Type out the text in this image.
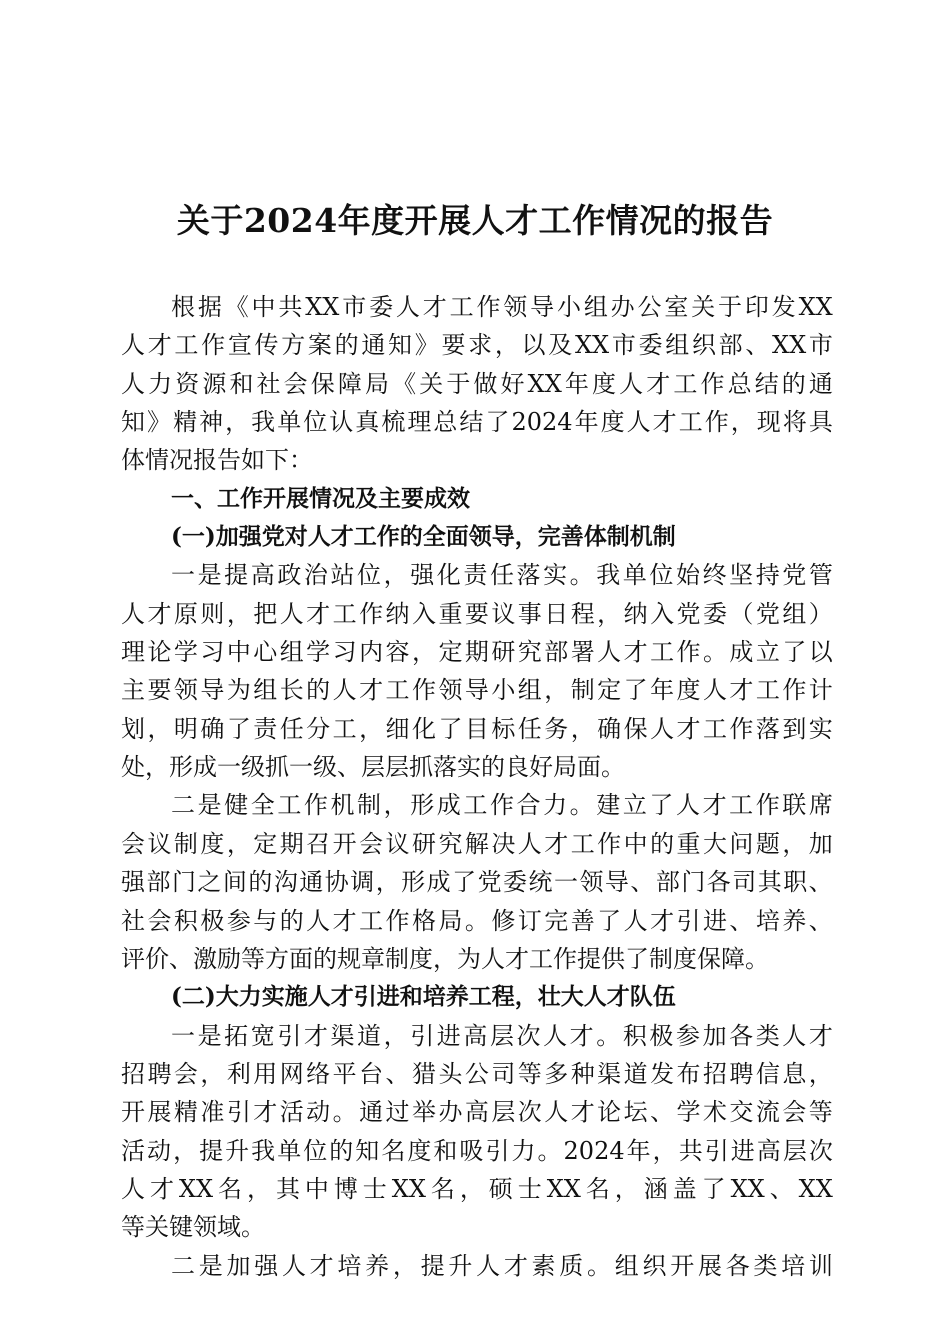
关于2024年度开展人才工作情况的报告
根 据 《 中 共 XX 市 委 人 才 工 作 领 导 小 组 办 公 室 关 于 印 发 XX
人 才 工 作 宣 传 方 案 的 通 知 》 要 求 ， 以 及 XX 市 委 组 织 部 、 XX 市
人 力 资 源 和 社 会 保 障 局 《 关 于 做 好 XX 年 度 人 才 工 作 总 结 的 通
知 》 精 神 ， 我 单 位 认 真 梳 理 总 结 了 2024 年 度 人 才 工 作 ， 现 将 具
体情况报告如下：
一、工作开展情况及主要成效
(一)加强党对人才工作的全面领导，完善体制机制
一 是 提 高 政 治 站 位 ， 强 化 责 任 落 实 。 我 单 位 始 终 坚 持 党 管
人 才 原 则 ， 把 人 才 工 作 纳 入 重 要 议 事 日 程 ， 纳 入 党 委 （ 党 组 ）
理 论 学 习 中 心 组 学 习 内 容 ， 定 期 研 究 部 署 人 才 工 作 。 成 立 了 以
主 要 领 导 为 组 长 的 人 才 工 作 领 导 小 组 ， 制 定 了 年 度 人 才 工 作 计
划 ， 明 确 了 责 任 分 工 ， 细 化 了 目 标 任 务 ， 确 保 人 才 工 作 落 到 实
处，形成一级抓一级、层层抓落实的良好局面。
二 是 健 全 工 作 机 制 ， 形 成 工 作 合 力 。 建 立 了 人 才 工 作 联 席
会 议 制 度 ， 定 期 召 开 会 议 研 究 解 决 人 才 工 作 中 的 重 大 问 题 ， 加
强 部 门 之 间 的 沟 通 协 调 ， 形 成 了 党 委 统 一 领 导 、 部 门 各 司 其 职 、
社 会 积 极 参 与 的 人 才 工 作 格 局 。 修 订 完 善 了 人 才 引 进 、 培 养 、
评价、激励等方面的规章制度，为人才工作提供了制度保障。
(二)大力实施人才引进和培养工程，壮大人才队伍
一 是 拓 宽 引 才 渠 道 ， 引 进 高 层 次 人 才 。 积 极 参 加 各 类 人 才
招 聘 会 ， 利 用 网 络 平 台 、 猎 头 公 司 等 多 种 渠 道 发 布 招 聘 信 息 ，
开 展 精 准 引 才 活 动 。 通 过 举 办 高 层 次 人 才 论 坛 、 学 术 交 流 会 等
活 动 ， 提 升 我 单 位 的 知 名 度 和 吸 引 力 。 2024 年 ， 共 引 进 高 层 次
人 才 XX 名 ， 其 中 博 士 XX 名 ， 硕 士 XX 名 ， 涵 盖 了 XX 、 XX
等关键领域。
二 是 加 强 人 才 培 养 ， 提 升 人 才 素 质 。 组 织 开 展 各 类 培 训
